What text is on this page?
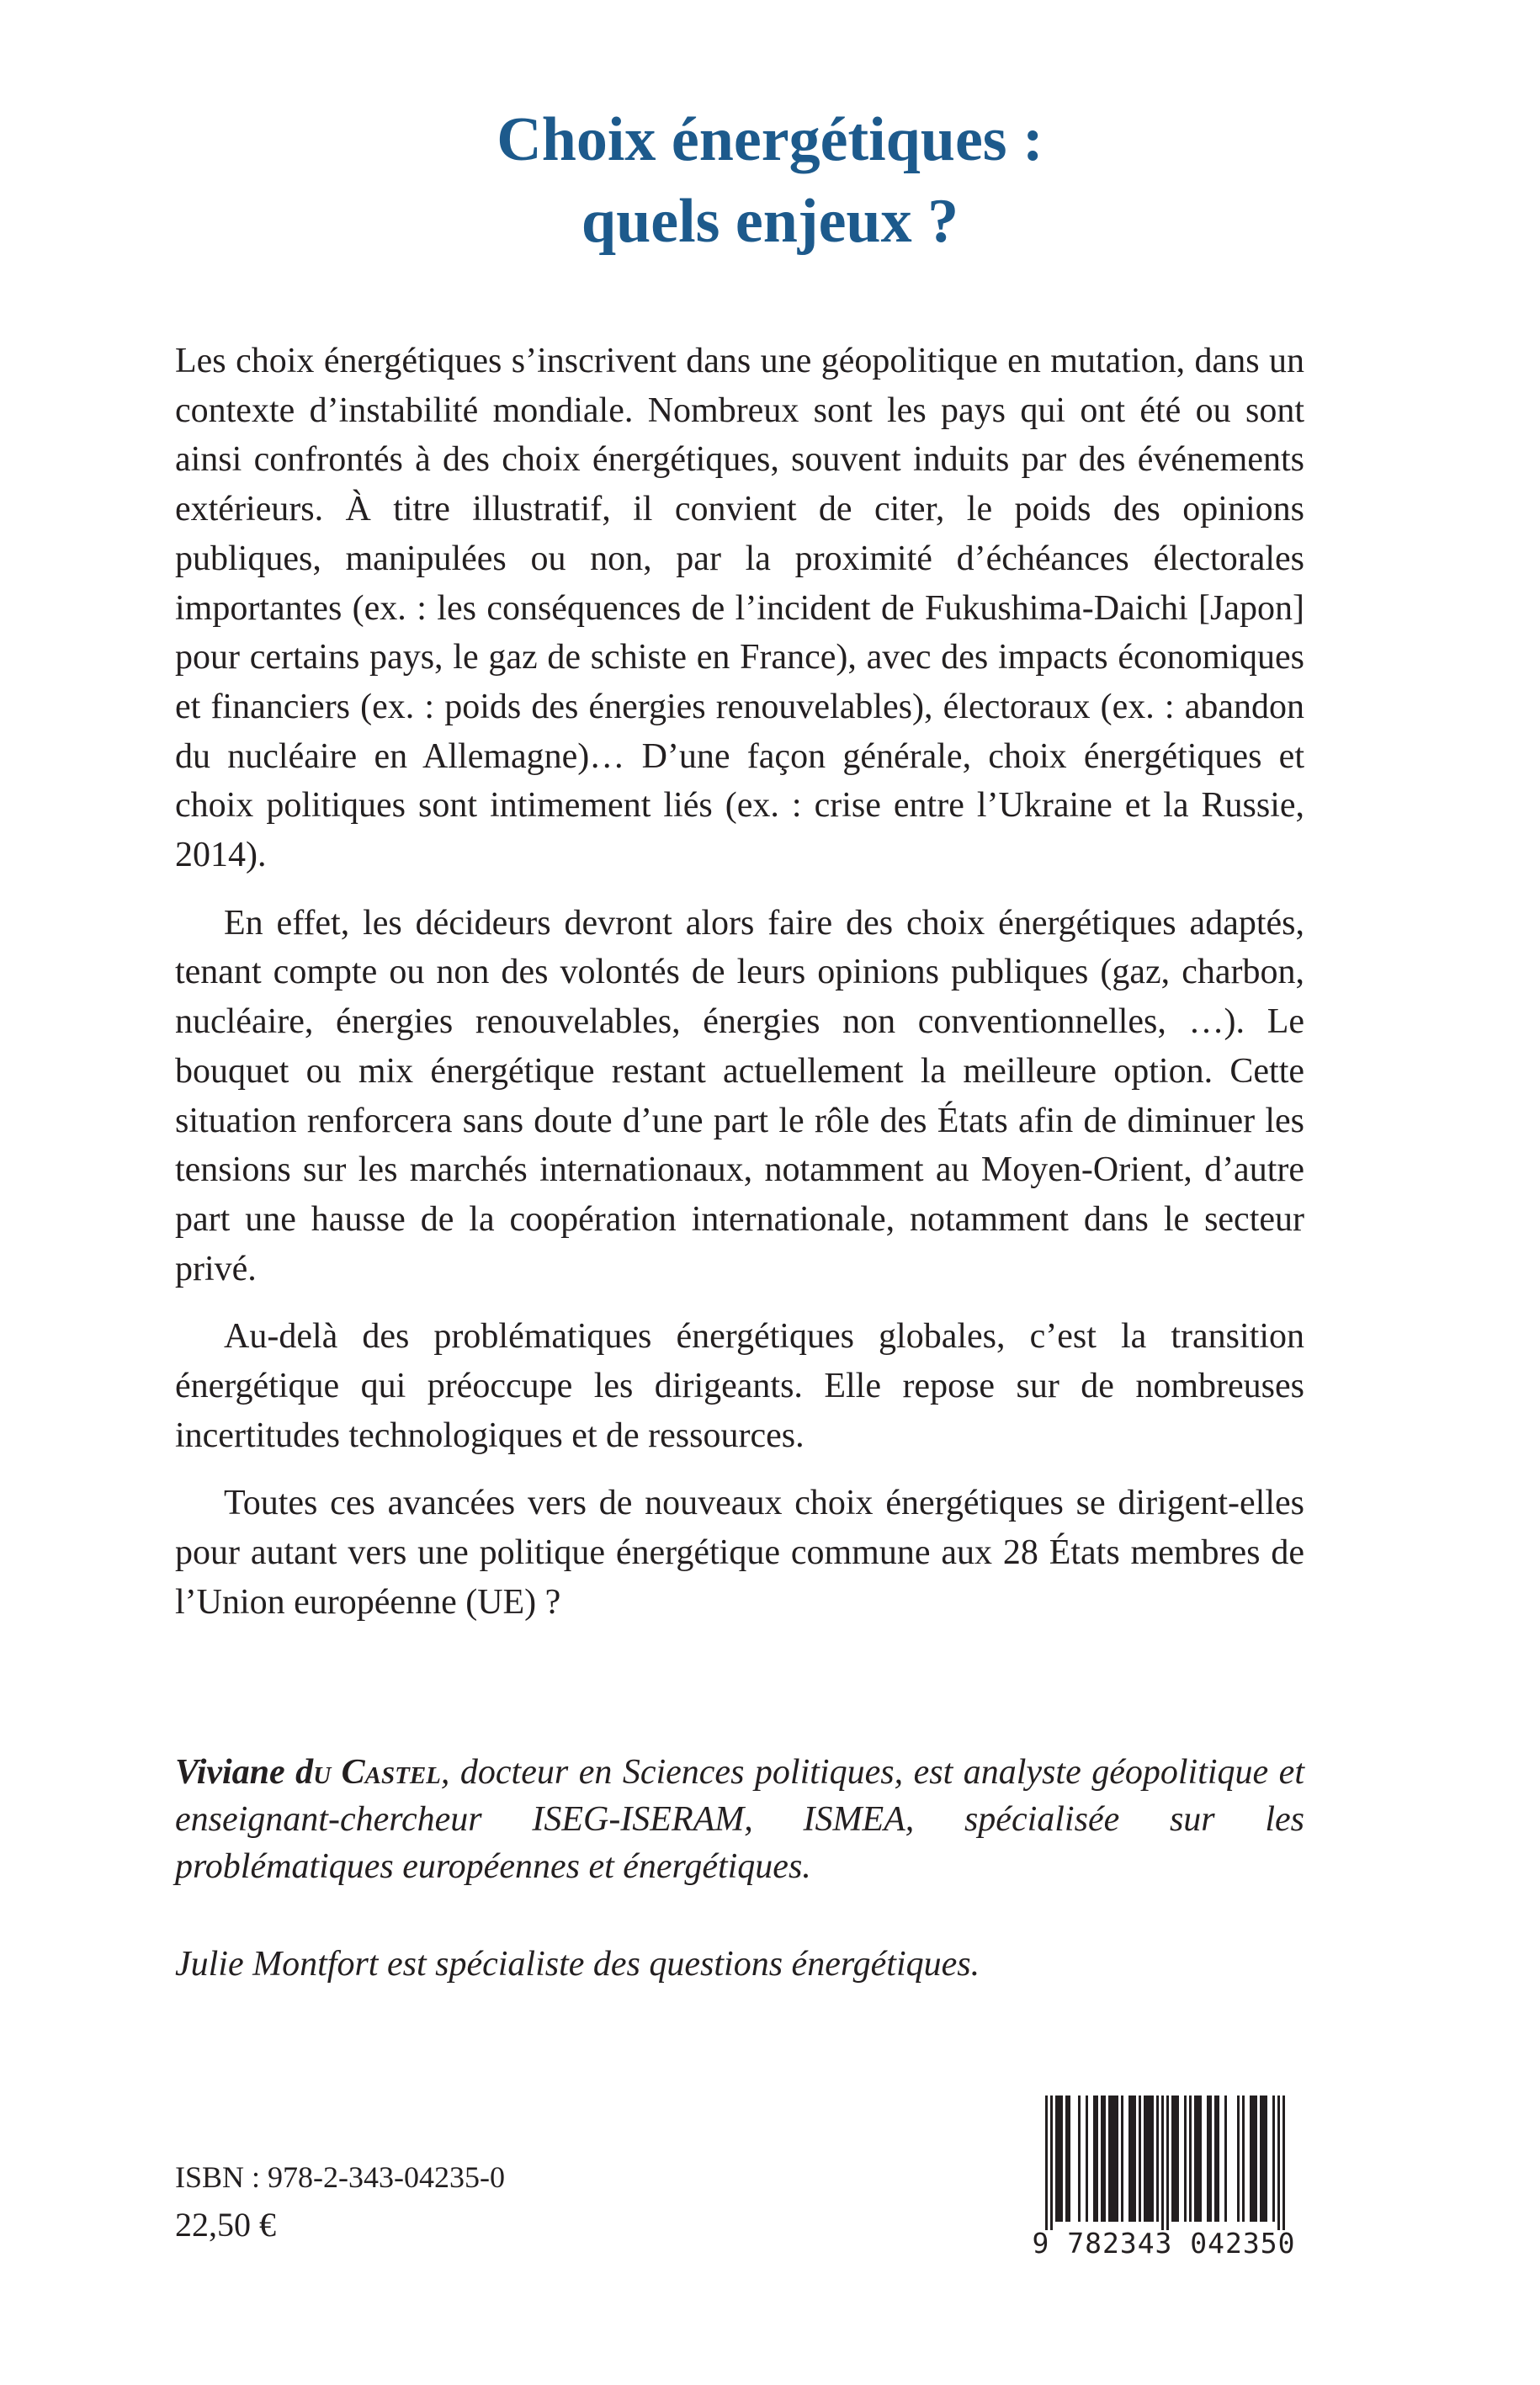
Choix énergétiques :
quels enjeux ?

Les choix énergétiques s’inscrivent dans une géopolitique en mutation, dans un contexte d’instabilité mondiale. Nombreux sont les pays qui ont été ou sont ainsi confrontés à des choix énergétiques, souvent induits par des événements extérieurs. À titre illustratif, il convient de citer, le poids des opinions publiques, manipulées ou non, par la proximité d’échéances électorales importantes (ex. : les conséquences de l’incident de Fukushima-Daichi [Japon] pour certains pays, le gaz de schiste en France), avec des impacts économiques et financiers (ex. : poids des énergies renouvelables), électoraux (ex. : abandon du nucléaire en Allemagne)… D’une façon générale, choix énergétiques et choix politiques sont intimement liés (ex. : crise entre l’Ukraine et la Russie, 2014).

En effet, les décideurs devront alors faire des choix énergétiques adaptés, tenant compte ou non des volontés de leurs opinions publiques (gaz, charbon, nucléaire, énergies renouvelables, énergies non conventionnelles, …). Le bouquet ou mix énergétique restant actuellement la meilleure option. Cette situation renforcera sans doute d’une part le rôle des États afin de diminuer les tensions sur les marchés internationaux, notamment au Moyen-Orient, d’autre part une hausse de la coopération internationale, notamment dans le secteur privé.

Au-delà des problématiques énergétiques globales, c’est la transition énergétique qui préoccupe les dirigeants. Elle repose sur de nombreuses incertitudes technologiques et de ressources.

Toutes ces avancées vers de nouveaux choix énergétiques se dirigent-elles pour autant vers une politique énergétique commune aux 28 États membres de l’Union européenne (UE) ?

Viviane du Castel, docteur en Sciences politiques, est analyste géopolitique et enseignant-chercheur ISEG-ISERAM, ISMEA, spécialisée sur les problématiques européennes et énergétiques.

Julie Montfort est spécialiste des questions énergétiques.

ISBN : 978-2-343-04235-0
22,50 €	9 782343 042350
